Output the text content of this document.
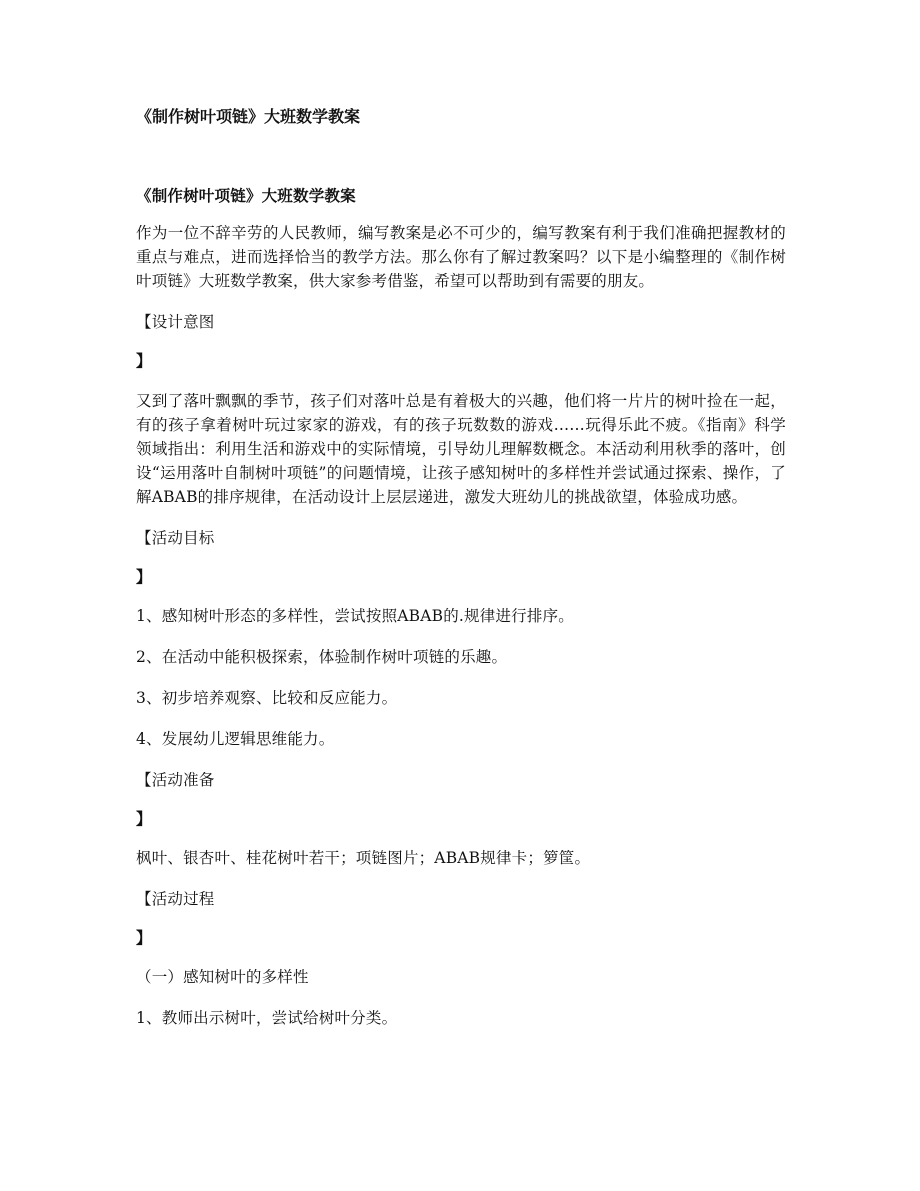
《制作树叶项链》大班数学教案

《制作树叶项链》大班数学教案

作为一位不辞辛劳的人民教师，编写教案是必不可少的，编写教案有利于我们准确把握教材的重点与难点，进而选择恰当的教学方法。那么你有了解过教案吗？以下是小编整理的《制作树叶项链》大班数学教案，供大家参考借鉴，希望可以帮助到有需要的朋友。

【设计意图

】

又到了落叶飘飘的季节，孩子们对落叶总是有着极大的兴趣，他们将一片片的树叶捡在一起，有的孩子拿着树叶玩过家家的游戏，有的孩子玩数数的游戏……玩得乐此不疲。《指南》科学领域指出：利用生活和游戏中的实际情境，引导幼儿理解数概念。本活动利用秋季的落叶，创设“运用落叶自制树叶项链”的问题情境，让孩子感知树叶的多样性并尝试通过探索、操作，了解ABAB的排序规律，在活动设计上层层递进，激发大班幼儿的挑战欲望，体验成功感。

【活动目标

】

1、感知树叶形态的多样性，尝试按照ABAB的.规律进行排序。

2、在活动中能积极探索，体验制作树叶项链的乐趣。

3、初步培养观察、比较和反应能力。

4、发展幼儿逻辑思维能力。

【活动准备

】

枫叶、银杏叶、桂花树叶若干；项链图片；ABAB规律卡；箩筐。

【活动过程

】

（一）感知树叶的多样性

1、教师出示树叶，尝试给树叶分类。
